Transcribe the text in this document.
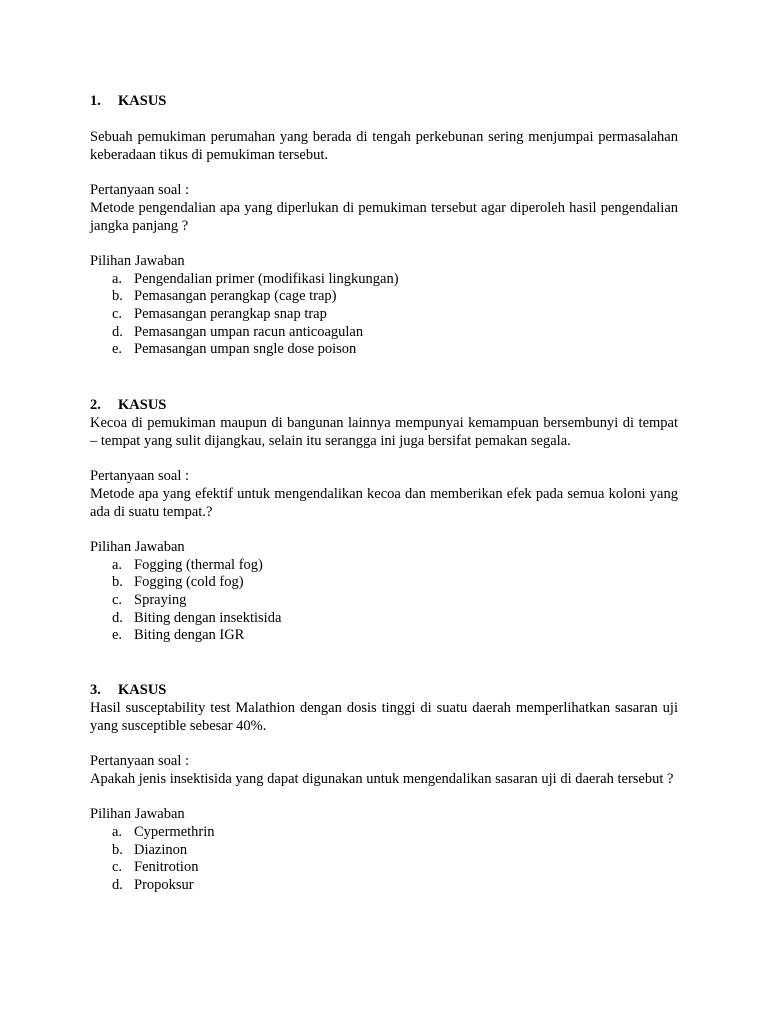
1.	KASUS

Sebuah pemukiman perumahan yang berada di tengah perkebunan sering menjumpai permasalahan keberadaan tikus di pemukiman tersebut.

Pertanyaan soal :

Metode pengendalian apa yang diperlukan di pemukiman tersebut agar diperoleh hasil pengendalian jangka panjang ?

Pilihan Jawaban

a. Pengendalian primer (modifikasi lingkungan)
b. Pemasangan perangkap (cage trap)
c. Pemasangan perangkap snap trap
d. Pemasangan umpan racun anticoagulan
e. Pemasangan umpan sngle dose poison
2.	KASUS

Kecoa di pemukiman maupun di bangunan lainnya mempunyai kemampuan bersembunyi di tempat – tempat yang sulit dijangkau, selain itu serangga ini juga bersifat pemakan segala.

Pertanyaan soal :

Metode apa yang efektif untuk mengendalikan kecoa dan memberikan efek pada semua koloni yang ada di suatu tempat.?

Pilihan Jawaban

a. Fogging (thermal fog)
b. Fogging (cold fog)
c. Spraying
d. Biting dengan insektisida
e. Biting dengan IGR
3.	KASUS

Hasil susceptability test Malathion dengan dosis tinggi di suatu daerah memperlihatkan sasaran uji yang susceptible sebesar 40%.

Pertanyaan soal :

Apakah jenis insektisida yang dapat digunakan untuk mengendalikan sasaran uji di daerah tersebut ?

Pilihan Jawaban

a. Cypermethrin
b. Diazinon
c. Fenitrotion
d. Propoksur
